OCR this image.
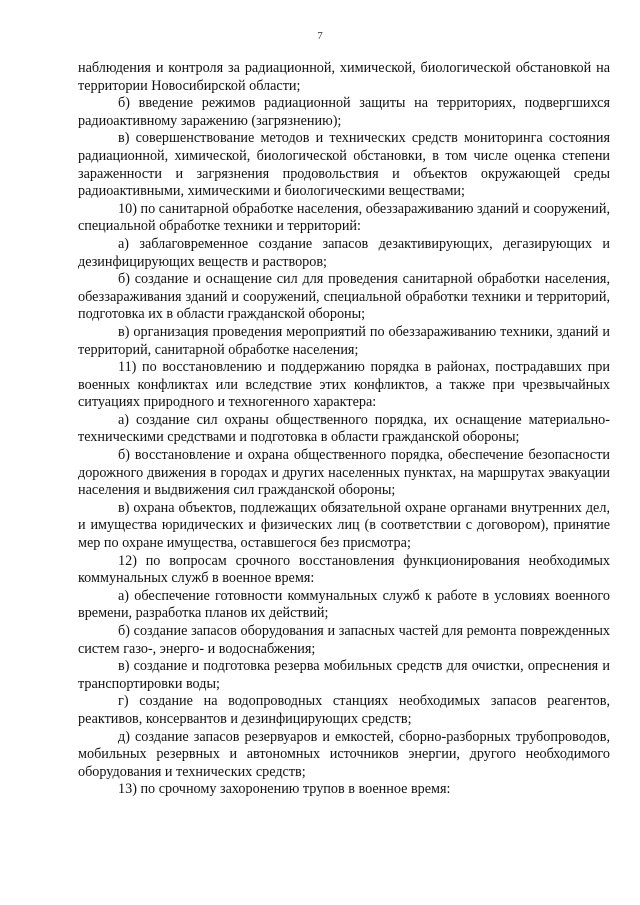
7

наблюдения и контроля за радиационной, химической, биологической обстановкой на территории Новосибирской области;

б) введение режимов радиационной защиты на территориях, подвергшихся радиоактивному заражению (загрязнению);

в) совершенствование методов и технических средств мониторинга состояния радиационной, химической, биологической обстановки, в том числе оценка степени зараженности и загрязнения продовольствия и объектов окружающей среды радиоактивными, химическими и биологическими веществами;

10) по санитарной обработке населения, обеззараживанию зданий и сооружений, специальной обработке техники и территорий:

а) заблаговременное создание запасов дезактивирующих, дегазирующих и дезинфицирующих веществ и растворов;

б) создание и оснащение сил для проведения санитарной обработки населения, обеззараживания зданий и сооружений, специальной обработки техники и территорий, подготовка их в области гражданской обороны;

в) организация проведения мероприятий по обеззараживанию техники, зданий и территорий, санитарной обработке населения;

11) по восстановлению и поддержанию порядка в районах, пострадавших при военных конфликтах или вследствие этих конфликтов, а также при чрезвычайных ситуациях природного и техногенного характера:

а) создание сил охраны общественного порядка, их оснащение материально-техническими средствами и подготовка в области гражданской обороны;

б) восстановление и охрана общественного порядка, обеспечение безопасности дорожного движения в городах и других населенных пунктах, на маршрутах эвакуации населения и выдвижения сил гражданской обороны;

в) охрана объектов, подлежащих обязательной охране органами внутренних дел, и имущества юридических и физических лиц (в соответствии с договором), принятие мер по охране имущества, оставшегося без присмотра;

12) по вопросам срочного восстановления функционирования необходимых коммунальных служб в военное время:

а) обеспечение готовности коммунальных служб к работе в условиях военного времени, разработка планов их действий;

б) создание запасов оборудования и запасных частей для ремонта поврежденных систем газо-, энерго- и водоснабжения;

в) создание и подготовка резерва мобильных средств для очистки, опреснения и транспортировки воды;

г) создание на водопроводных станциях необходимых запасов реагентов, реактивов, консервантов и дезинфицирующих средств;

д) создание запасов резервуаров и емкостей, сборно-разборных трубопроводов, мобильных резервных и автономных источников энергии, другого необходимого оборудования и технических средств;

13) по срочному захоронению трупов в военное время:
